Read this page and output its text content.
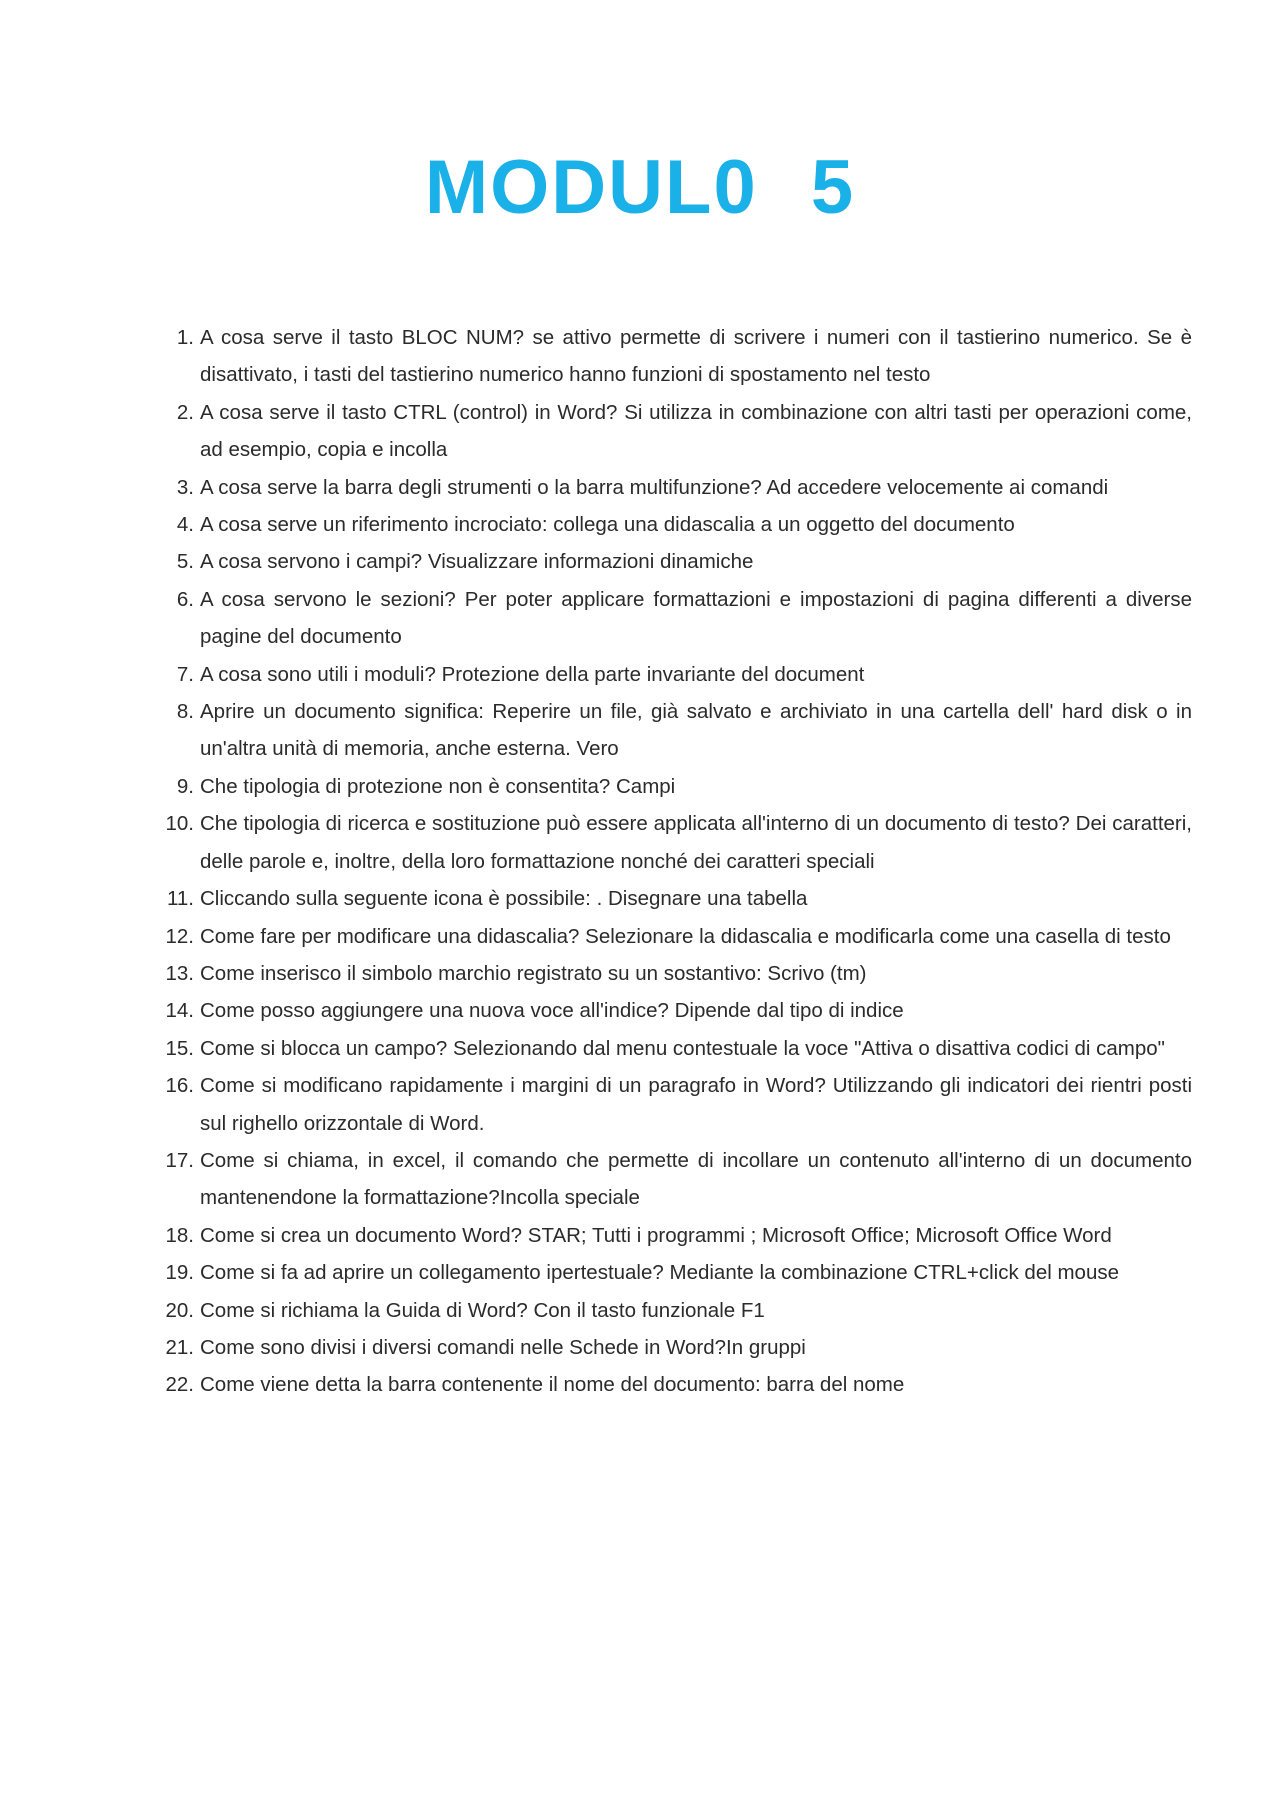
MODUL0 5
1. A cosa serve il tasto BLOC NUM? se attivo permette di scrivere i numeri con il tastierino numerico. Se è disattivato, i tasti del tastierino numerico hanno funzioni di spostamento nel testo
2. A cosa serve il tasto CTRL (control) in Word? Si utilizza in combinazione con altri tasti per operazioni come, ad esempio, copia e incolla
3. A cosa serve la barra degli strumenti o la barra multifunzione? Ad accedere velocemente ai comandi
4. A cosa serve un riferimento incrociato: collega una didascalia a un oggetto del documento
5. A cosa servono i campi? Visualizzare informazioni dinamiche
6. A cosa servono le sezioni? Per poter applicare formattazioni e impostazioni di pagina differenti a diverse pagine del documento
7. A cosa sono utili i moduli? Protezione della parte invariante del document
8. Aprire un documento significa: Reperire un file, già salvato e archiviato in una cartella dell' hard disk o in un'altra unità di memoria, anche esterna. Vero
9. Che tipologia di protezione non è consentita? Campi
10. Che tipologia di ricerca e sostituzione può essere applicata all'interno di un documento di testo? Dei caratteri, delle parole e, inoltre, della loro formattazione nonché dei caratteri speciali
11. Cliccando sulla seguente icona è possibile: . Disegnare una tabella
12. Come fare per modificare una didascalia? Selezionare la didascalia e modificarla come una casella di testo
13. Come inserisco il simbolo marchio registrato su un sostantivo: Scrivo (tm)
14. Come posso aggiungere una nuova voce all'indice? Dipende dal tipo di indice
15. Come si blocca un campo? Selezionando dal menu contestuale la voce "Attiva o disattiva codici di campo"
16. Come si modificano rapidamente i margini di un paragrafo in Word? Utilizzando gli indicatori dei rientri posti sul righello orizzontale di Word.
17. Come si chiama, in excel, il comando che permette di incollare un contenuto all'interno di un documento mantenendone la formattazione?Incolla speciale
18. Come si crea un documento Word? STAR; Tutti i programmi ; Microsoft Office; Microsoft Office Word
19. Come si fa ad aprire un collegamento ipertestuale? Mediante la combinazione CTRL+click del mouse
20. Come si richiama la Guida di Word? Con il tasto funzionale F1
21. Come sono divisi i diversi comandi nelle Schede in Word?In gruppi
22. Come viene detta la barra contenente il nome del documento: barra del nome
